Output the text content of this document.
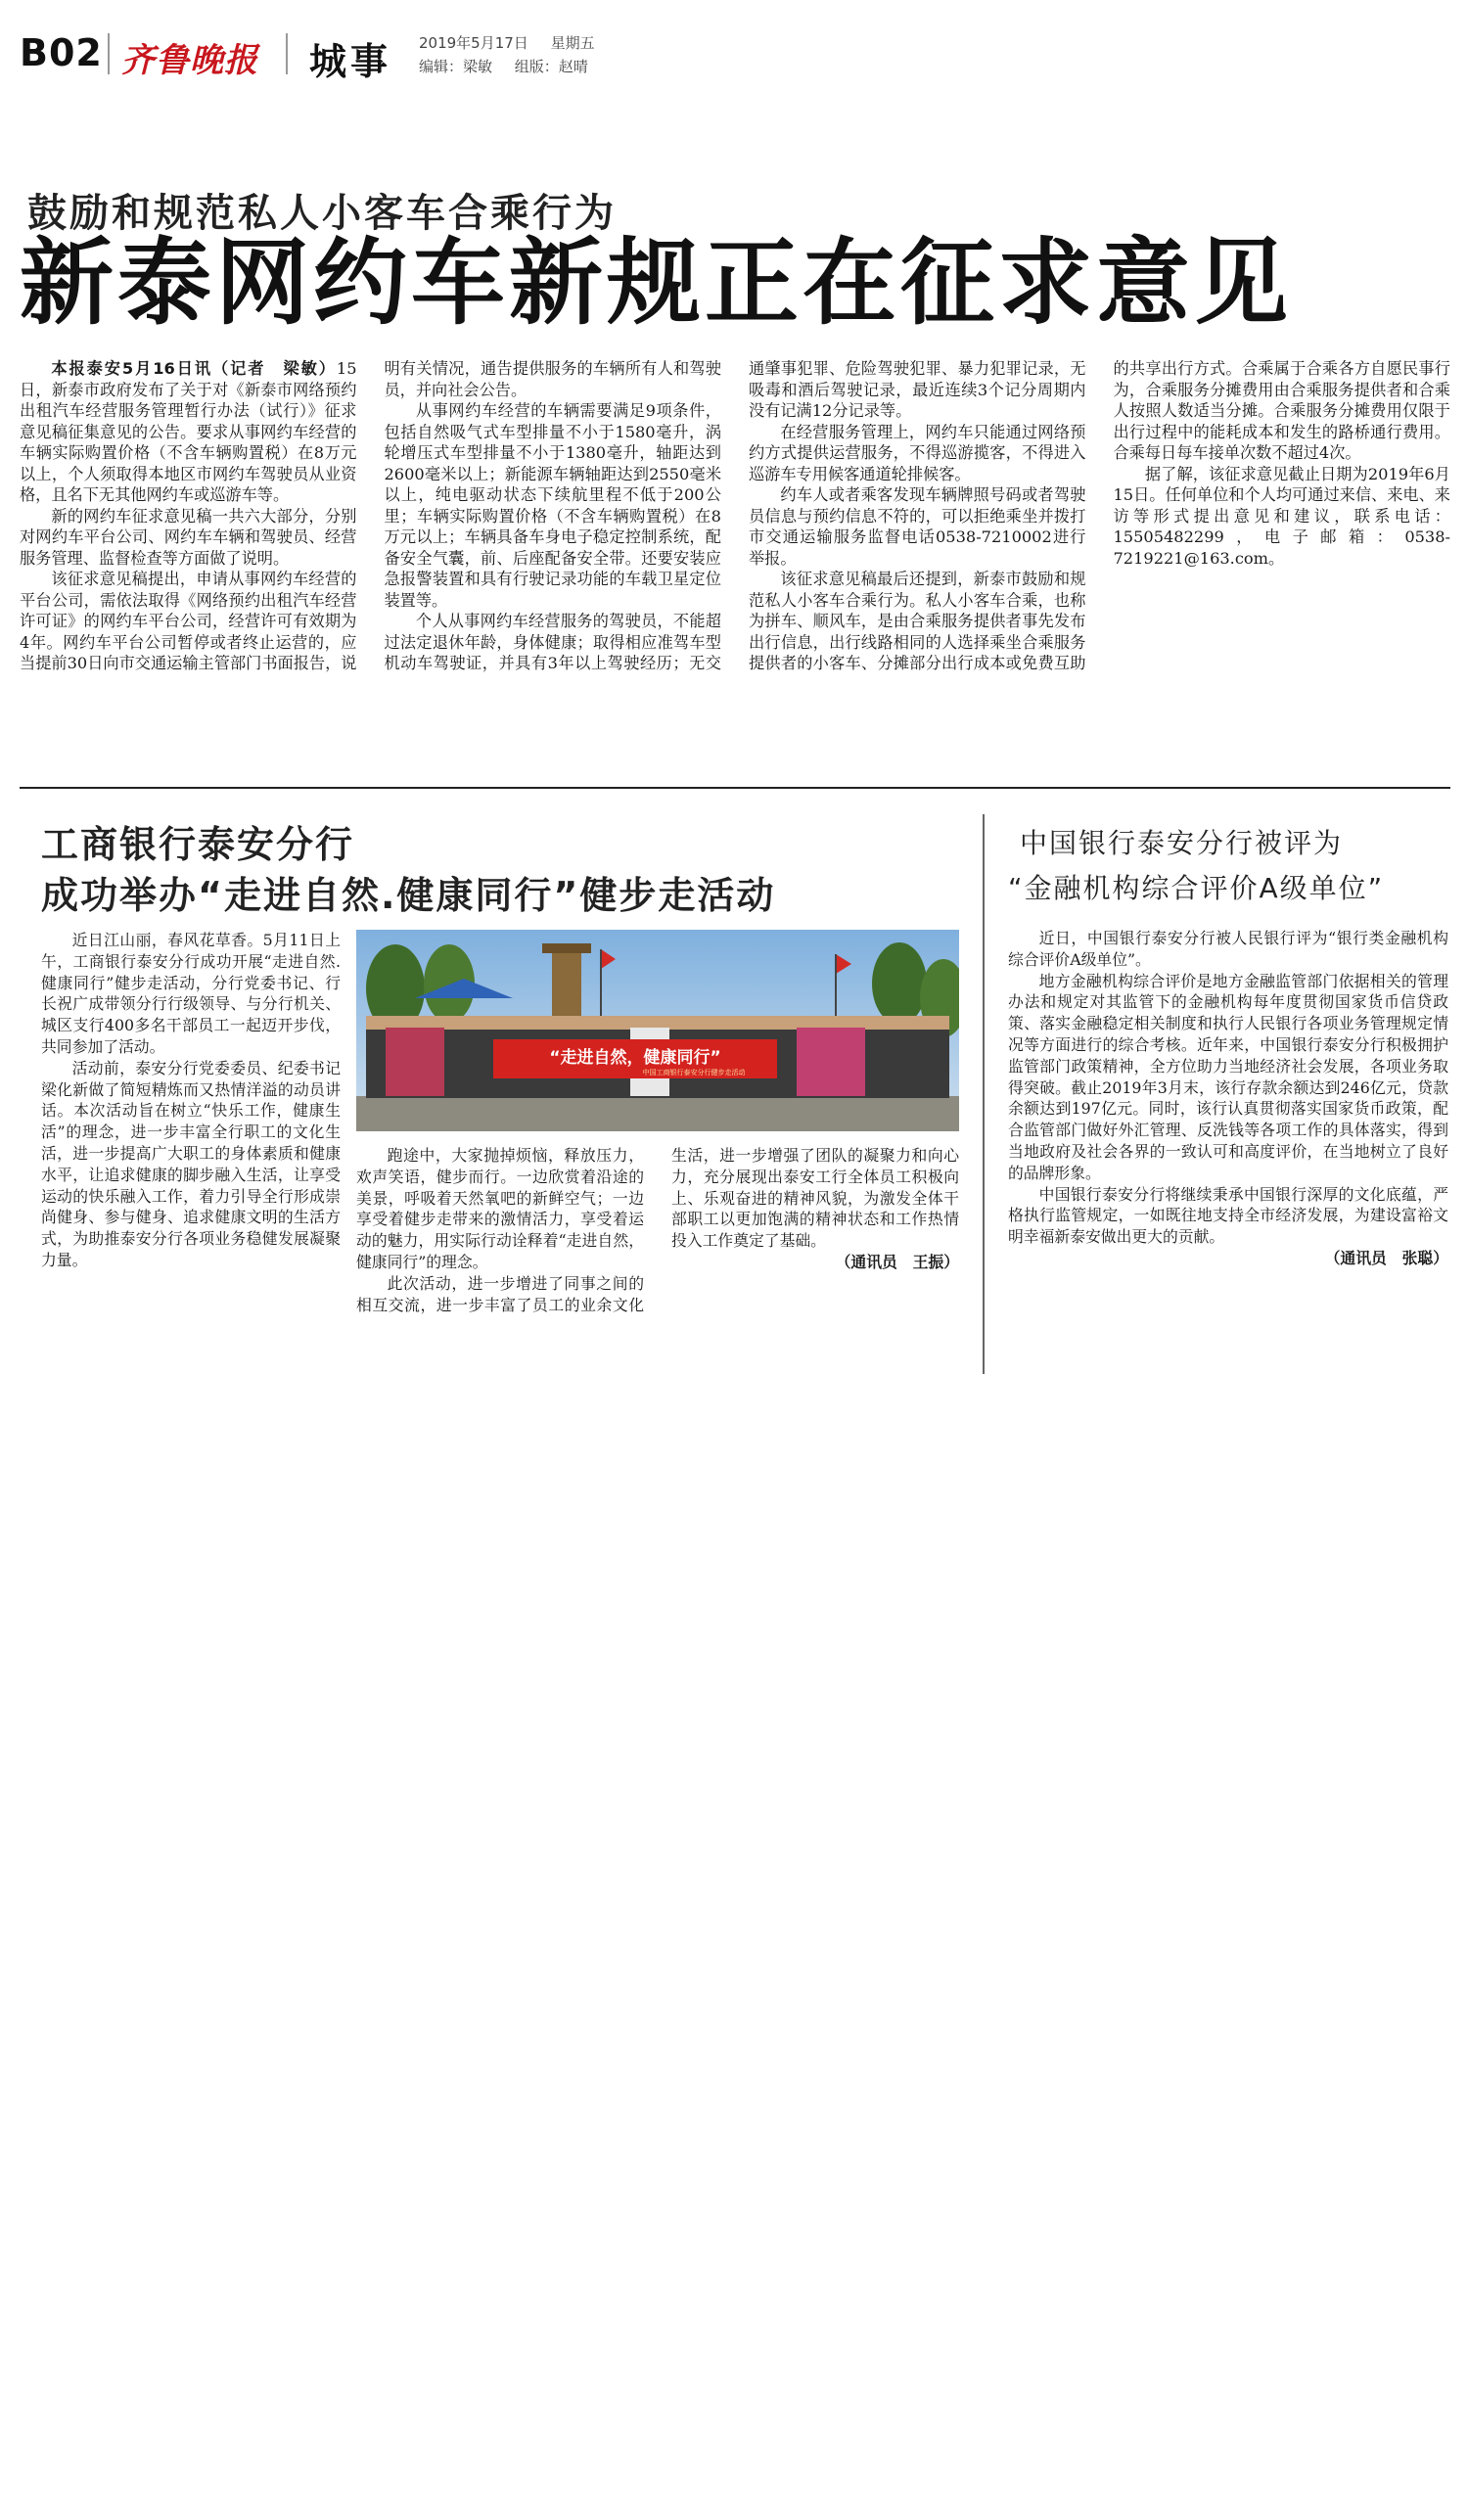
B02 齐鲁晚报 城事 2019年5月17日 星期五
编辑：梁敏 组版：赵晴
鼓励和规范私人小客车合乘行为
新泰网约车新规正在征求意见

本报泰安5月16日讯（记者　梁敏）15日，新泰市政府发布了关于对《新泰市网络预约出租汽车经营服务管理暂行办法（试行）》征求意见稿征集意见的公告。要求从事网约车经营的车辆实际购置价格（不含车辆购置税）在8万元以上，个人须取得本地区市网约车驾驶员从业资格，且名下无其他网约车或巡游车等。

新的网约车征求意见稿一共六大部分，分别对网约车平台公司、网约车车辆和驾驶员、经营服务管理、监督检查等方面做了说明。

该征求意见稿提出，申请从事网约车经营的平台公司，需依法取得《网络预约出租汽车经营许可证》的网约车平台公司，经营许可有效期为4年。网约车平台公司暂停或者终止运营的，应当提前30日向市交通运输主管部门书面报告，说明有关情况，通告提供服务的车辆所有人和驾驶员，并向社会公告。

从事网约车经营的车辆需要满足9项条件，包括自然吸气式车型排量不小于1580毫升，涡轮增压式车型排量不小于1380毫升，轴距达到2600毫米以上；新能源车辆轴距达到2550毫米以上，纯电驱动状态下续航里程不低于200公里；车辆实际购置价格（不含车辆购置税）在8万元以上；车辆具备车身电子稳定控制系统，配备安全气囊，前、后座配备安全带。还要安装应急报警装置和具有行驶记录功能的车载卫星定位装置等。

个人从事网约车经营服务的驾驶员，不能超过法定退休年龄，身体健康；取得相应准驾车型机动车驾驶证，并具有3年以上驾驶经历；无交通肇事犯罪、危险驾驶犯罪、暴力犯罪记录，无吸毒和酒后驾驶记录，最近连续3个记分周期内没有记满12分记录等。

在经营服务管理上，网约车只能通过网络预约方式提供运营服务，不得巡游揽客，不得进入巡游车专用候客通道轮排候客。

约车人或者乘客发现车辆牌照号码或者驾驶员信息与预约信息不符的，可以拒绝乘坐并拨打市交通运输服务监督电话0538-7210002进行举报。

该征求意见稿最后还提到，新泰市鼓励和规范私人小客车合乘行为。私人小客车合乘，也称为拼车、顺风车，是由合乘服务提供者事先发布出行信息，出行线路相同的人选择乘坐合乘服务提供者的小客车、分摊部分出行成本或免费互助的共享出行方式。合乘属于合乘各方自愿民事行为，合乘服务分摊费用由合乘服务提供者和合乘人按照人数适当分摊。合乘服务分摊费用仅限于出行过程中的能耗成本和发生的路桥通行费用。合乘每日每车接单次数不超过4次。

据了解，该征求意见截止日期为2019年6月15日。任何单位和个人均可通过来信、来电、来访等形式提出意见和建议，联系电话：15505482299，电子邮箱：0538-7219221@163.com。

工商银行泰安分行
成功举办“走进自然.健康同行”健步走活动

近日江山丽，春风花草香。5月11日上午，工商银行泰安分行成功开展“走进自然.健康同行”健步走活动，分行党委书记、行长祝广成带领分行行级领导、与分行机关、城区支行400多名干部员工一起迈开步伐，共同参加了活动。

活动前，泰安分行党委委员、纪委书记梁化新做了简短精炼而又热情洋溢的动员讲话。本次活动旨在树立“快乐工作，健康生活”的理念，进一步丰富全行职工的文化生活，进一步提高广大职工的身体素质和健康水平，让追求健康的脚步融入生活，让享受运动的快乐融入工作，着力引导全行形成崇尚健身、参与健身、追求健康文明的生活方式，为助推泰安分行各项业务稳健发展凝聚力量。

“走进自然，健康同行”
中国工商银行泰安分行健步走活动

跑途中，大家抛掉烦恼，释放压力，欢声笑语，健步而行。一边欣赏着沿途的美景，呼吸着天然氧吧的新鲜空气；一边享受着健步走带来的激情活力，享受着运动的魅力，用实际行动诠释着“走进自然，健康同行”的理念。

此次活动，进一步增进了同事之间的相互交流，进一步丰富了员工的业余文化生活，进一步增强了团队的凝聚力和向心力，充分展现出泰安工行全体员工积极向上、乐观奋进的精神风貌，为激发全体干部职工以更加饱满的精神状态和工作热情投入工作奠定了基础。

（通讯员　王振）

中国银行泰安分行被评为
“金融机构综合评价A级单位”

近日，中国银行泰安分行被人民银行评为“银行类金融机构综合评价A级单位”。

地方金融机构综合评价是地方金融监管部门依据相关的管理办法和规定对其监管下的金融机构每年度贯彻国家货币信贷政策、落实金融稳定相关制度和执行人民银行各项业务管理规定情况等方面进行的综合考核。近年来，中国银行泰安分行积极拥护监管部门政策精神，全方位助力当地经济社会发展，各项业务取得突破。截止2019年3月末，该行存款余额达到246亿元，贷款余额达到197亿元。同时，该行认真贯彻落实国家货币政策，配合监管部门做好外汇管理、反洗钱等各项工作的具体落实，得到当地政府及社会各界的一致认可和高度评价，在当地树立了良好的品牌形象。

中国银行泰安分行将继续秉承中国银行深厚的文化底蕴，严格执行监管规定，一如既往地支持全市经济发展，为建设富裕文明幸福新泰安做出更大的贡献。

（通讯员　张聪）
